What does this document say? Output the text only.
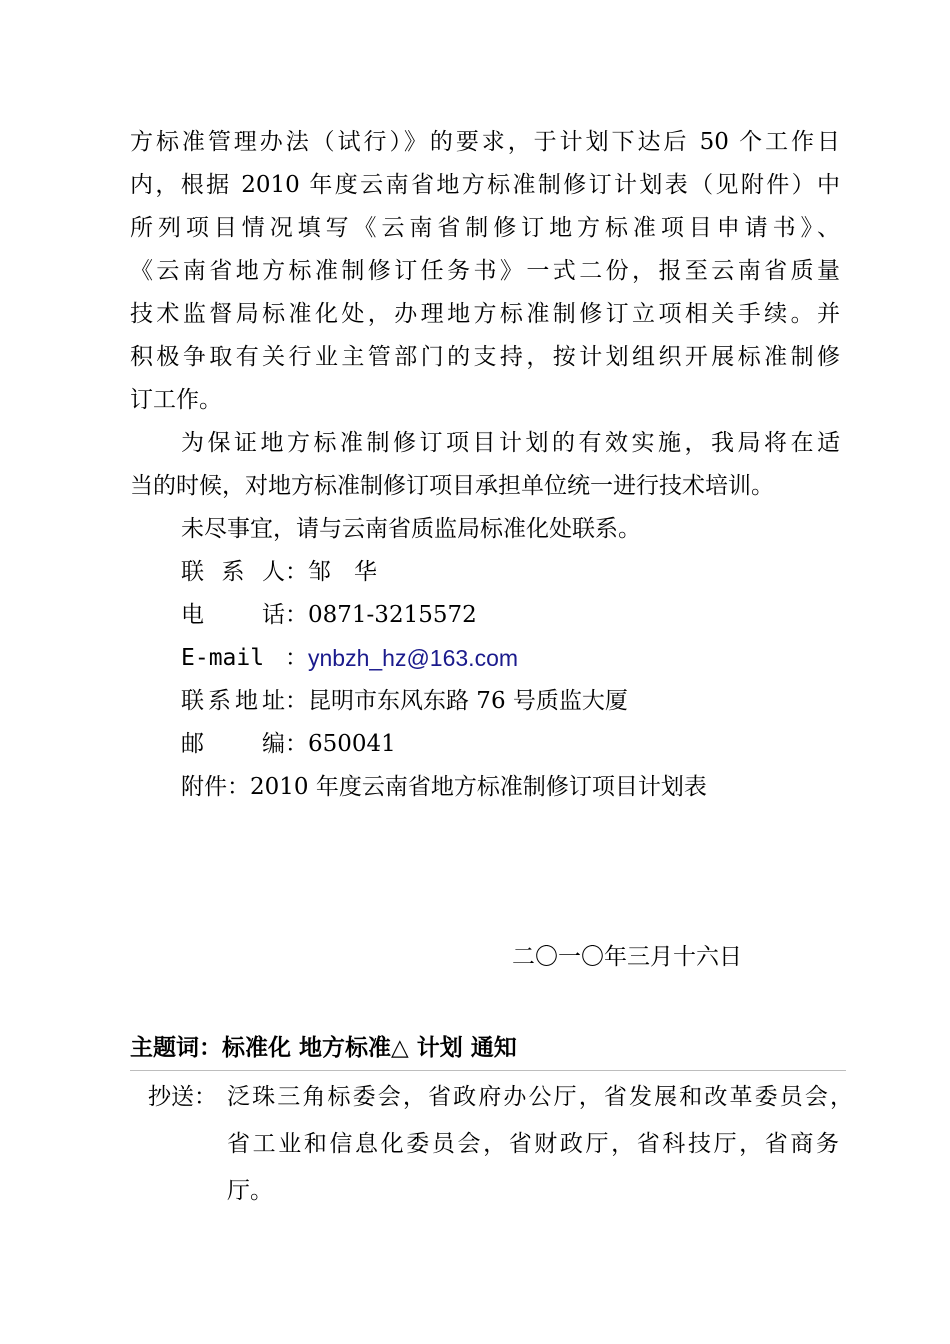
方标准管理办法（试行）》的要求，于计划下达后 50 个工作日
内，根据 2010 年度云南省地方标准制修订计划表（见附件）中
所列项目情况填写《云南省制修订地方标准项目申请书》、
《云南省地方标准制修订任务书》一式二份，报至云南省质量
技术监督局标准化处，办理地方标准制修订立项相关手续。并
积极争取有关行业主管部门的支持，按计划组织开展标准制修
订工作。
为保证地方标准制修订项目计划的有效实施，我局将在适
当的时候，对地方标准制修订项目承担单位统一进行技术培训。
未尽事宜，请与云南省质监局标准化处联系。
联系人 ： 邹　华
电话 ： 0871-3215572
E-mail ： ynbzh_hz@163.com
联系地址 ： 昆明市东风东路 76 号质监大厦
邮编 ： 650041
附件 ： 2010 年度云南省地方标准制修订项目计划表
二〇一〇年三月十六日
主题词：标准化 地方标准△ 计划 通知
抄送： 泛珠三角标委会，省政府办公厅，省发展和改革委员会，
省工业和信息化委员会，省财政厅，省科技厅，省商务
厅。
